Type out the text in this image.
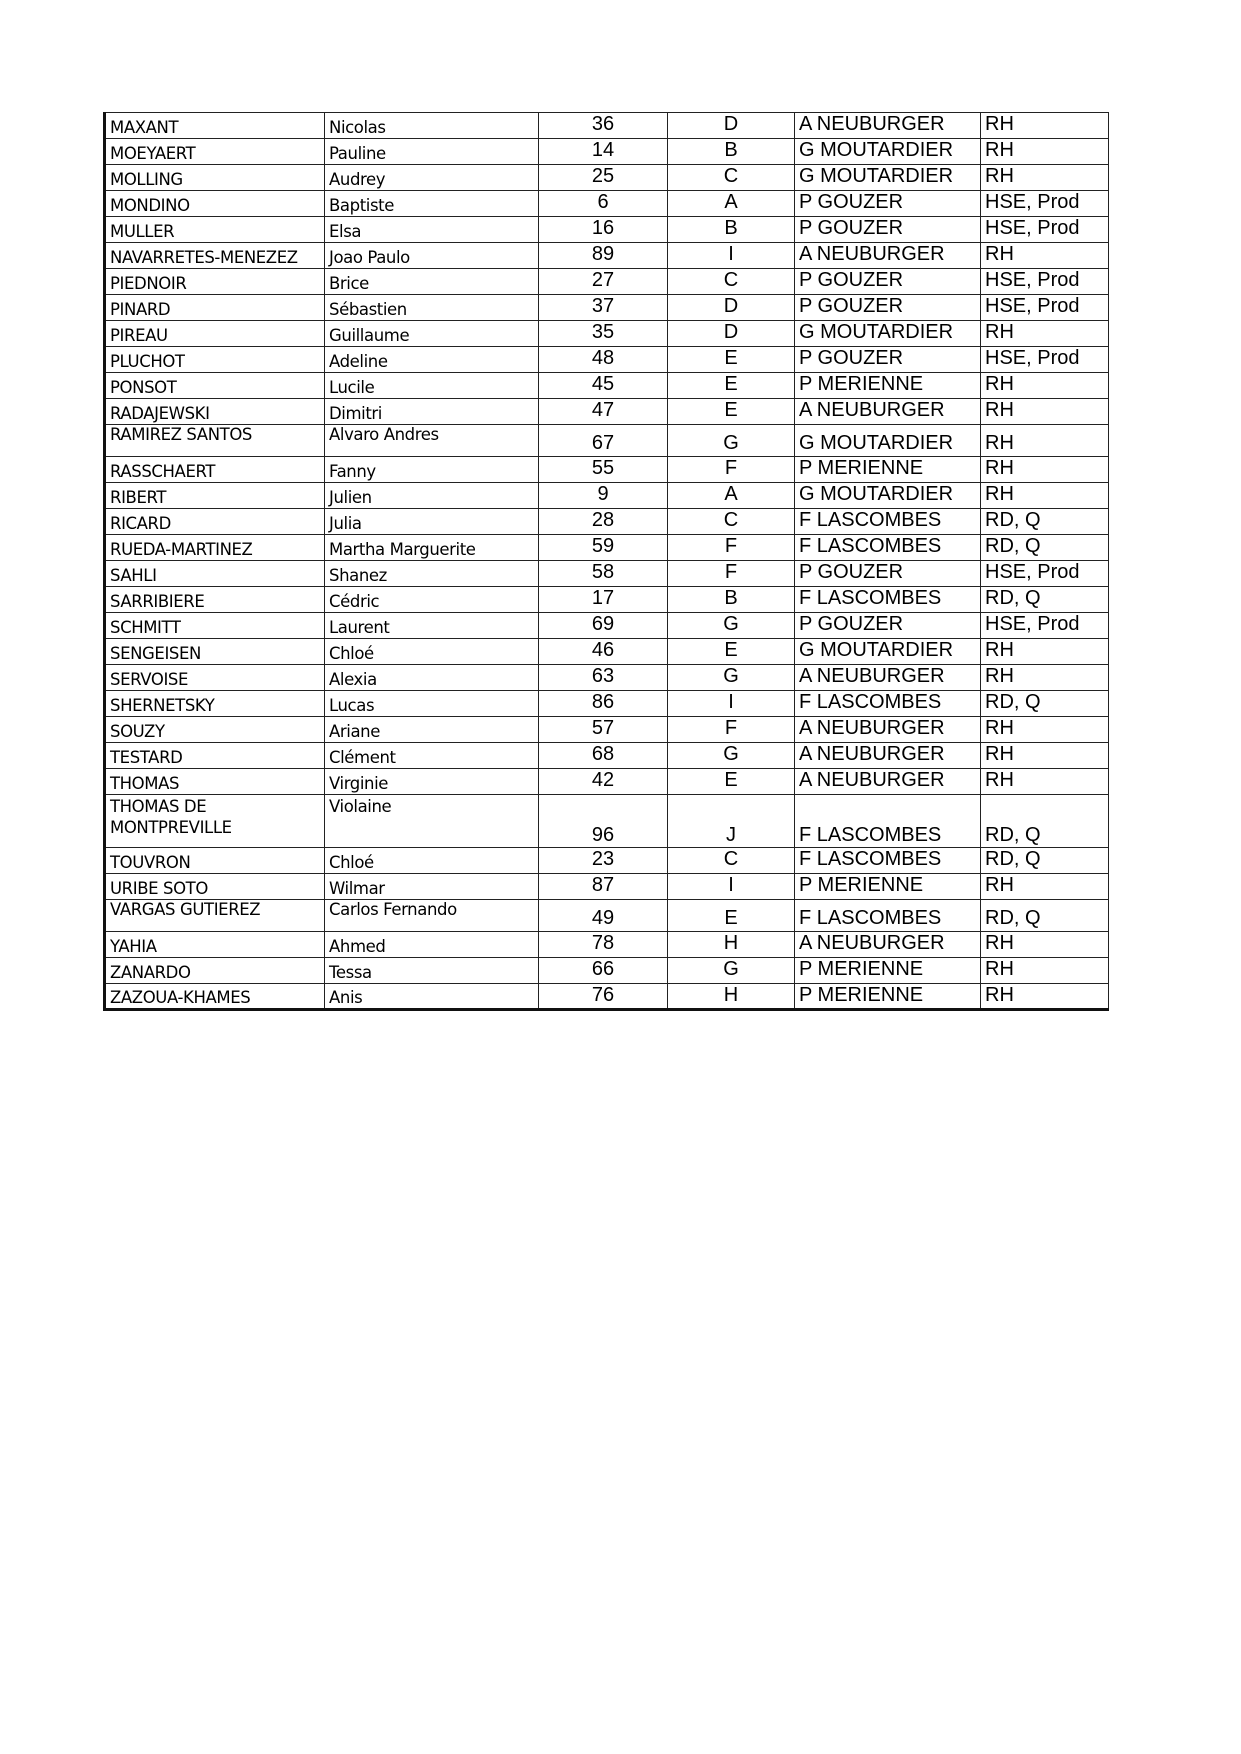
MAXANT	Nicolas	36	D	A NEUBURGER	RH
MOEYAERT	Pauline	14	B	G MOUTARDIER	RH
MOLLING	Audrey	25	C	G MOUTARDIER	RH
MONDINO	Baptiste	6	A	P GOUZER	HSE, Prod
MULLER	Elsa	16	B	P GOUZER	HSE, Prod
NAVARRETES-MENEZEZ	Joao Paulo	89	I	A NEUBURGER	RH
PIEDNOIR	Brice	27	C	P GOUZER	HSE, Prod
PINARD	Sébastien	37	D	P GOUZER	HSE, Prod
PIREAU	Guillaume	35	D	G MOUTARDIER	RH
PLUCHOT	Adeline	48	E	P GOUZER	HSE, Prod
PONSOT	Lucile	45	E	P MERIENNE	RH
RADAJEWSKI	Dimitri	47	E	A NEUBURGER	RH
RAMIREZ SANTOS	Alvaro Andres	67	G	G MOUTARDIER	RH
RASSCHAERT	Fanny	55	F	P MERIENNE	RH
RIBERT	Julien	9	A	G MOUTARDIER	RH
RICARD	Julia	28	C	F LASCOMBES	RD, Q
RUEDA-MARTINEZ	Martha Marguerite	59	F	F LASCOMBES	RD, Q
SAHLI	Shanez	58	F	P GOUZER	HSE, Prod
SARRIBIERE	Cédric	17	B	F LASCOMBES	RD, Q
SCHMITT	Laurent	69	G	P GOUZER	HSE, Prod
SENGEISEN	Chloé	46	E	G MOUTARDIER	RH
SERVOISE	Alexia	63	G	A NEUBURGER	RH
SHERNETSKY	Lucas	86	I	F LASCOMBES	RD, Q
SOUZY	Ariane	57	F	A NEUBURGER	RH
TESTARD	Clément	68	G	A NEUBURGER	RH
THOMAS	Virginie	42	E	A NEUBURGER	RH
THOMAS DE MONTPREVILLE	Violaine	96	J	F LASCOMBES	RD, Q
TOUVRON	Chloé	23	C	F LASCOMBES	RD, Q
URIBE SOTO	Wilmar	87	I	P MERIENNE	RH
VARGAS GUTIEREZ	Carlos Fernando	49	E	F LASCOMBES	RD, Q
YAHIA	Ahmed	78	H	A NEUBURGER	RH
ZANARDO	Tessa	66	G	P MERIENNE	RH
ZAZOUA-KHAMES	Anis	76	H	P MERIENNE	RH
